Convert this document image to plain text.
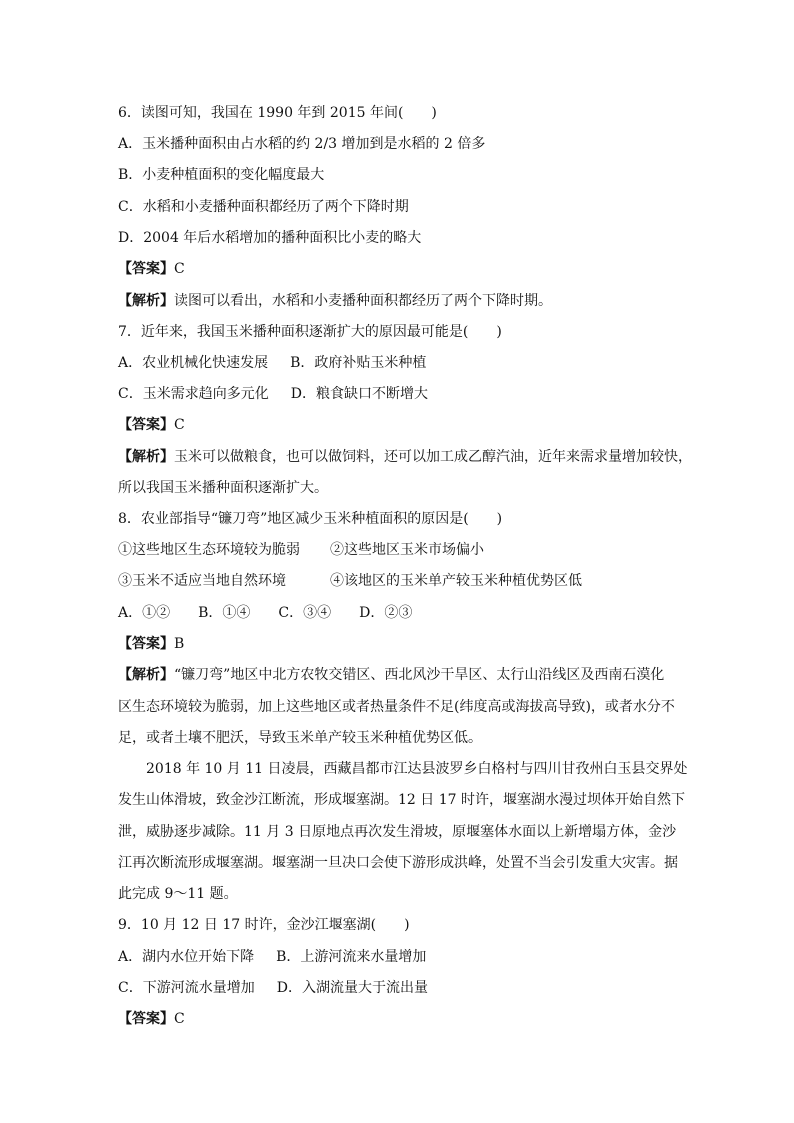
6．读图可知，我国在 1990 年到 2015 年间(　　)
A．玉米播种面积由占水稻的约 2/3 增加到是水稻的 2 倍多
B．小麦种植面积的变化幅度最大
C．水稻和小麦播种面积都经历了两个下降时期
D．2004 年后水稻增加的播种面积比小麦的略大
【答案】C
【解析】读图可以看出，水稻和小麦播种面积都经历了两个下降时期。
7．近年来，我国玉米播种面积逐渐扩大的原因最可能是(　　)
A．农业机械化快速发展 B．政府补贴玉米种植
C．玉米需求趋向多元化 D．粮食缺口不断增大
【答案】C
【解析】玉米可以做粮食，也可以做饲料，还可以加工成乙醇汽油，近年来需求量增加较快，
所以我国玉米播种面积逐渐扩大。
8．农业部指导“镰刀弯”地区减少玉米种植面积的原因是(　　)
①这些地区生态环境较为脆弱 ②这些地区玉米市场偏小
③玉米不适应当地自然环境	④该地区的玉米单产较玉米种植优势区低
A．①②　　B．①④　　C．③④　　D．②③
【答案】B
【解析】“镰刀弯”地区中北方农牧交错区、西北风沙干旱区、太行山沿线区及西南石漠化
区生态环境较为脆弱，加上这些地区或者热量条件不足(纬度高或海拔高导致)，或者水分不
足，或者土壤不肥沃，导致玉米单产较玉米种植优势区低。
2018 年 10 月 11 日凌晨，西藏昌都市江达县波罗乡白格村与四川甘孜州白玉县交界处
发生山体滑坡，致金沙江断流，形成堰塞湖。12 日 17 时许，堰塞湖水漫过坝体开始自然下
泄，威胁逐步减除。11 月 3 日原地点再次发生滑坡，原堰塞体水面以上新增塌方体，金沙
江再次断流形成堰塞湖。堰塞湖一旦决口会使下游形成洪峰，处置不当会引发重大灾害。据
此完成 9～11 题。
9．10 月 12 日 17 时许，金沙江堰塞湖(　　)
A．湖内水位开始下降 B．上游河流来水量增加
C．下游河流水量增加 D．入湖流量大于流出量
【答案】C
